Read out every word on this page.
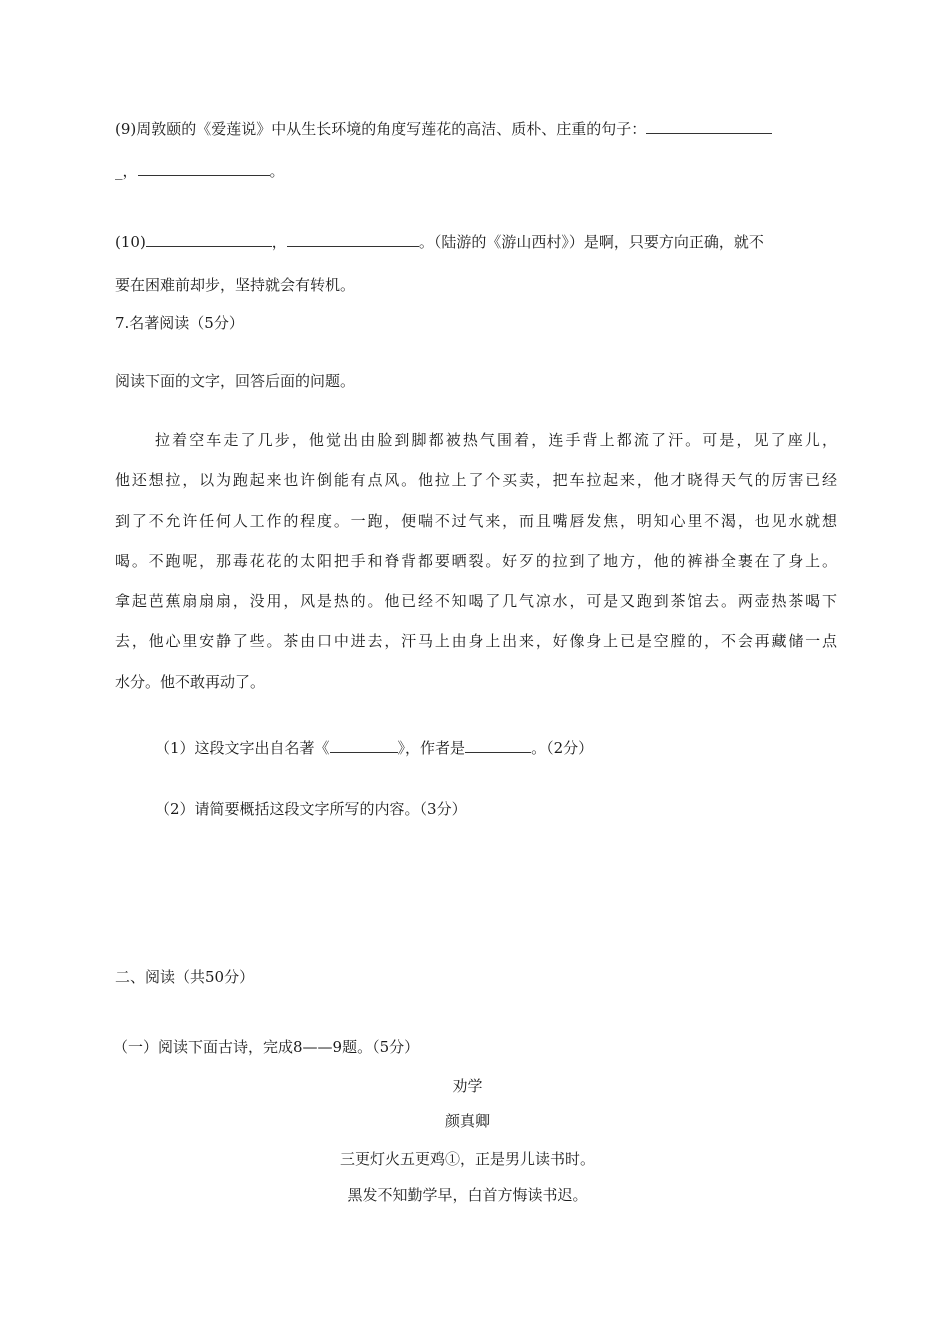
(9)周敦颐的《爱莲说》中从生长环境的角度写莲花的高洁、质朴、庄重的句子：
_，	。
(10)	，	。（陆游的《游山西村》）是啊，只要方向正确，就不
要在困难前却步，坚持就会有转机。
7.名著阅读（5分）
阅读下面的文字，回答后面的问题。
拉着空车走了几步，他觉出由脸到脚都被热气围着，连手背上都流了汗。可是，见了座儿，
他还想拉，以为跑起来也许倒能有点风。他拉上了个买卖，把车拉起来，他才晓得天气的厉害已经
到了不允许任何人工作的程度。一跑，便喘不过气来，而且嘴唇发焦，明知心里不渴，也见水就想
喝。不跑呢，那毒花花的太阳把手和脊背都要晒裂。好歹的拉到了地方，他的裤褂全裹在了身上。
拿起芭蕉扇扇扇，没用，风是热的。他已经不知喝了几气凉水，可是又跑到茶馆去。两壶热茶喝下
去，他心里安静了些。茶由口中进去，汗马上由身上出来，好像身上已是空膛的，不会再藏储一点
水分。他不敢再动了。
（1）这段文字出自名著《	》，作者是	。（2分）
（2）请简要概括这段文字所写的内容。（3分）
二、阅读（共50分）
（一）阅读下面古诗，完成8——9题。（5分）
劝学
颜真卿
三更灯火五更鸡①，正是男儿读书时。
黑发不知勤学早，白首方悔读书迟。
